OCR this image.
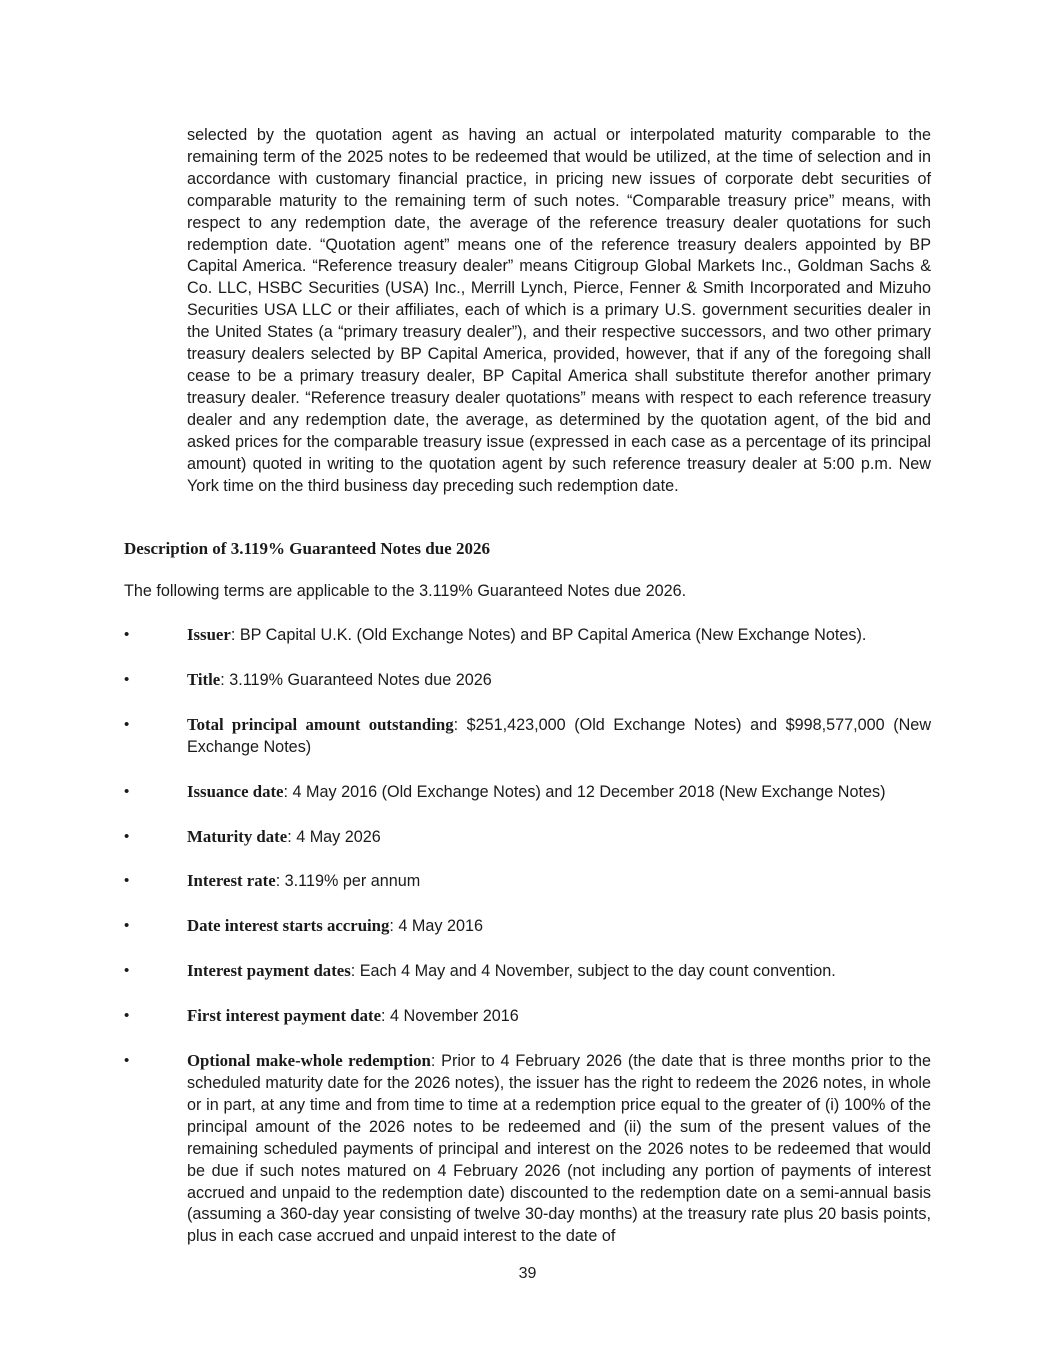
selected by the quotation agent as having an actual or interpolated maturity comparable to the remaining term of the 2025 notes to be redeemed that would be utilized, at the time of selection and in accordance with customary financial practice, in pricing new issues of corporate debt securities of comparable maturity to the remaining term of such notes. “Comparable treasury price” means, with respect to any redemption date, the average of the reference treasury dealer quotations for such redemption date. “Quotation agent” means one of the reference treasury dealers appointed by BP Capital America. “Reference treasury dealer” means Citigroup Global Markets Inc., Goldman Sachs & Co. LLC, HSBC Securities (USA) Inc., Merrill Lynch, Pierce, Fenner & Smith Incorporated and Mizuho Securities USA LLC or their affiliates, each of which is a primary U.S. government securities dealer in the United States (a “primary treasury dealer”), and their respective successors, and two other primary treasury dealers selected by BP Capital America, provided, however, that if any of the foregoing shall cease to be a primary treasury dealer, BP Capital America shall substitute therefor another primary treasury dealer. “Reference treasury dealer quotations” means with respect to each reference treasury dealer and any redemption date, the average, as determined by the quotation agent, of the bid and asked prices for the comparable treasury issue (expressed in each case as a percentage of its principal amount) quoted in writing to the quotation agent by such reference treasury dealer at 5:00 p.m. New York time on the third business day preceding such redemption date.

Description of 3.119% Guaranteed Notes due 2026

The following terms are applicable to the 3.119% Guaranteed Notes due 2026.

•	Issuer: BP Capital U.K. (Old Exchange Notes) and BP Capital America (New Exchange Notes).

•	Title: 3.119% Guaranteed Notes due 2026

•	Total principal amount outstanding: $251,423,000 (Old Exchange Notes) and $998,577,000 (New Exchange Notes)

•	Issuance date: 4 May 2016 (Old Exchange Notes) and 12 December 2018 (New Exchange Notes)

•	Maturity date: 4 May 2026

•	Interest rate: 3.119% per annum

•	Date interest starts accruing: 4 May 2016

•	Interest payment dates: Each 4 May and 4 November, subject to the day count convention.

•	First interest payment date: 4 November 2016

•	Optional make-whole redemption: Prior to 4 February 2026 (the date that is three months prior to the scheduled maturity date for the 2026 notes), the issuer has the right to redeem the 2026 notes, in whole or in part, at any time and from time to time at a redemption price equal to the greater of (i) 100% of the principal amount of the 2026 notes to be redeemed and (ii) the sum of the present values of the remaining scheduled payments of principal and interest on the 2026 notes to be redeemed that would be due if such notes matured on 4 February 2026 (not including any portion of payments of interest accrued and unpaid to the redemption date) discounted to the redemption date on a semi-annual basis (assuming a 360-day year consisting of twelve 30-day months) at the treasury rate plus 20 basis points, plus in each case accrued and unpaid interest to the date of

39
